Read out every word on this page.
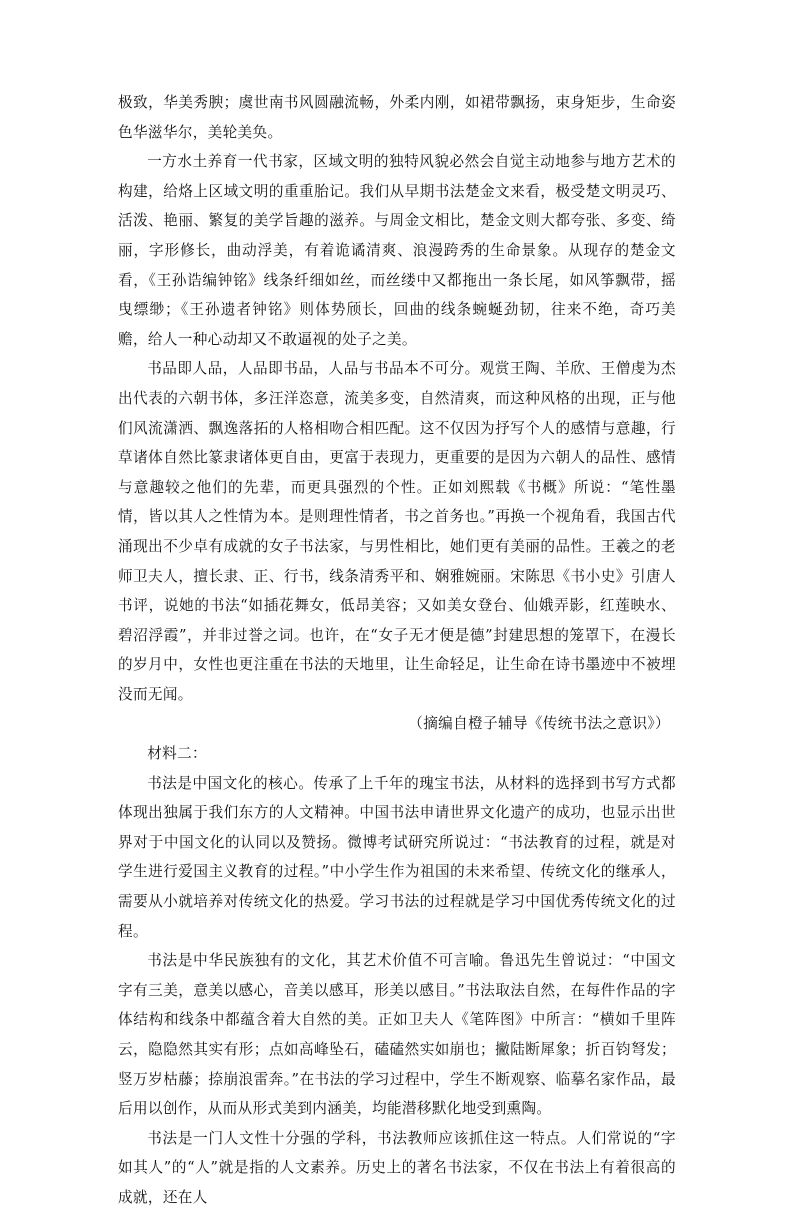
极致，华美秀腴；虞世南书风圆融流畅，外柔内刚，如裙带飘扬，束身矩步，生命姿色华滋华尔，美轮美奂。

一方水土养育一代书家，区域文明的独特风貌必然会自觉主动地参与地方艺术的构建，给烙上区域文明的重重胎记。我们从早期书法楚金文来看，极受楚文明灵巧、活泼、艳丽、繁复的美学旨趣的滋养。与周金文相比，楚金文则大都夸张、多变、绮丽，字形修长，曲动浮美，有着诡谲清爽、浪漫跨秀的生命景象。从现存的楚金文看，《王孙诰编钟铭》线条纤细如丝，而丝缕中又都拖出一条长尾，如风筝飘带，摇曳缥缈；《王孙遗者钟铭》则体势颀长，回曲的线条蜿蜒劲韧，往来不绝，奇巧美赡，给人一种心动却又不敢逼视的处子之美。

书品即人品，人品即书品，人品与书品本不可分。观赏王陶、羊欣、王僧虔为杰出代表的六朝书体，多汪洋恣意，流美多变，自然清爽，而这种风格的出现，正与他们风流潇洒、飘逸落拓的人格相吻合相匹配。这不仅因为抒写个人的感情与意趣，行草诸体自然比篆隶诸体更自由，更富于表现力，更重要的是因为六朝人的品性、感情与意趣较之他们的先辈，而更具强烈的个性。正如刘熙载《书概》所说：“笔性墨情，皆以其人之性情为本。是则理性情者，书之首务也。”再换一个视角看，我国古代涌现出不少卓有成就的女子书法家，与男性相比，她们更有美丽的品性。王羲之的老师卫夫人，擅长隶、正、行书，线条清秀平和、娴雅婉丽。宋陈思《书小史》引唐人书评，说她的书法“如插花舞女，低昂美容；又如美女登台、仙娥弄影，红莲映水、碧沼浮霞”，并非过誉之词。也许，在“女子无才便是德”封建思想的笼罩下，在漫长的岁月中，女性也更注重在书法的天地里，让生命轻足，让生命在诗书墨迹中不被埋没而无闻。

（摘编自橙子辅导《传统书法之意识》）

材料二：

书法是中国文化的核心。传承了上千年的瑰宝书法，从材料的选择到书写方式都体现出独属于我们东方的人文精神。中国书法申请世界文化遗产的成功，也显示出世界对于中国文化的认同以及赞扬。微博考试研究所说过：“书法教育的过程，就是对学生进行爱国主义教育的过程。”中小学生作为祖国的未来希望、传统文化的继承人，需要从小就培养对传统文化的热爱。学习书法的过程就是学习中国优秀传统文化的过程。

书法是中华民族独有的文化，其艺术价值不可言喻。鲁迅先生曾说过：“中国文字有三美，意美以感心，音美以感耳，形美以感目。”书法取法自然，在每件作品的字体结构和线条中都蕴含着大自然的美。正如卫夫人《笔阵图》中所言：“横如千里阵云，隐隐然其实有形；点如高峰坠石，磕磕然实如崩也；撇陆断犀象；折百钧弩发；竖万岁枯藤；捺崩浪雷奔。”在书法的学习过程中，学生不断观察、临摹名家作品，最后用以创作，从而从形式美到内涵美，均能潜移默化地受到熏陶。

书法是一门人文性十分强的学科，书法教师应该抓住这一特点。人们常说的“字如其人”的“人”就是指的人文素养。历史上的著名书法家，不仅在书法上有着很高的成就，还在人
